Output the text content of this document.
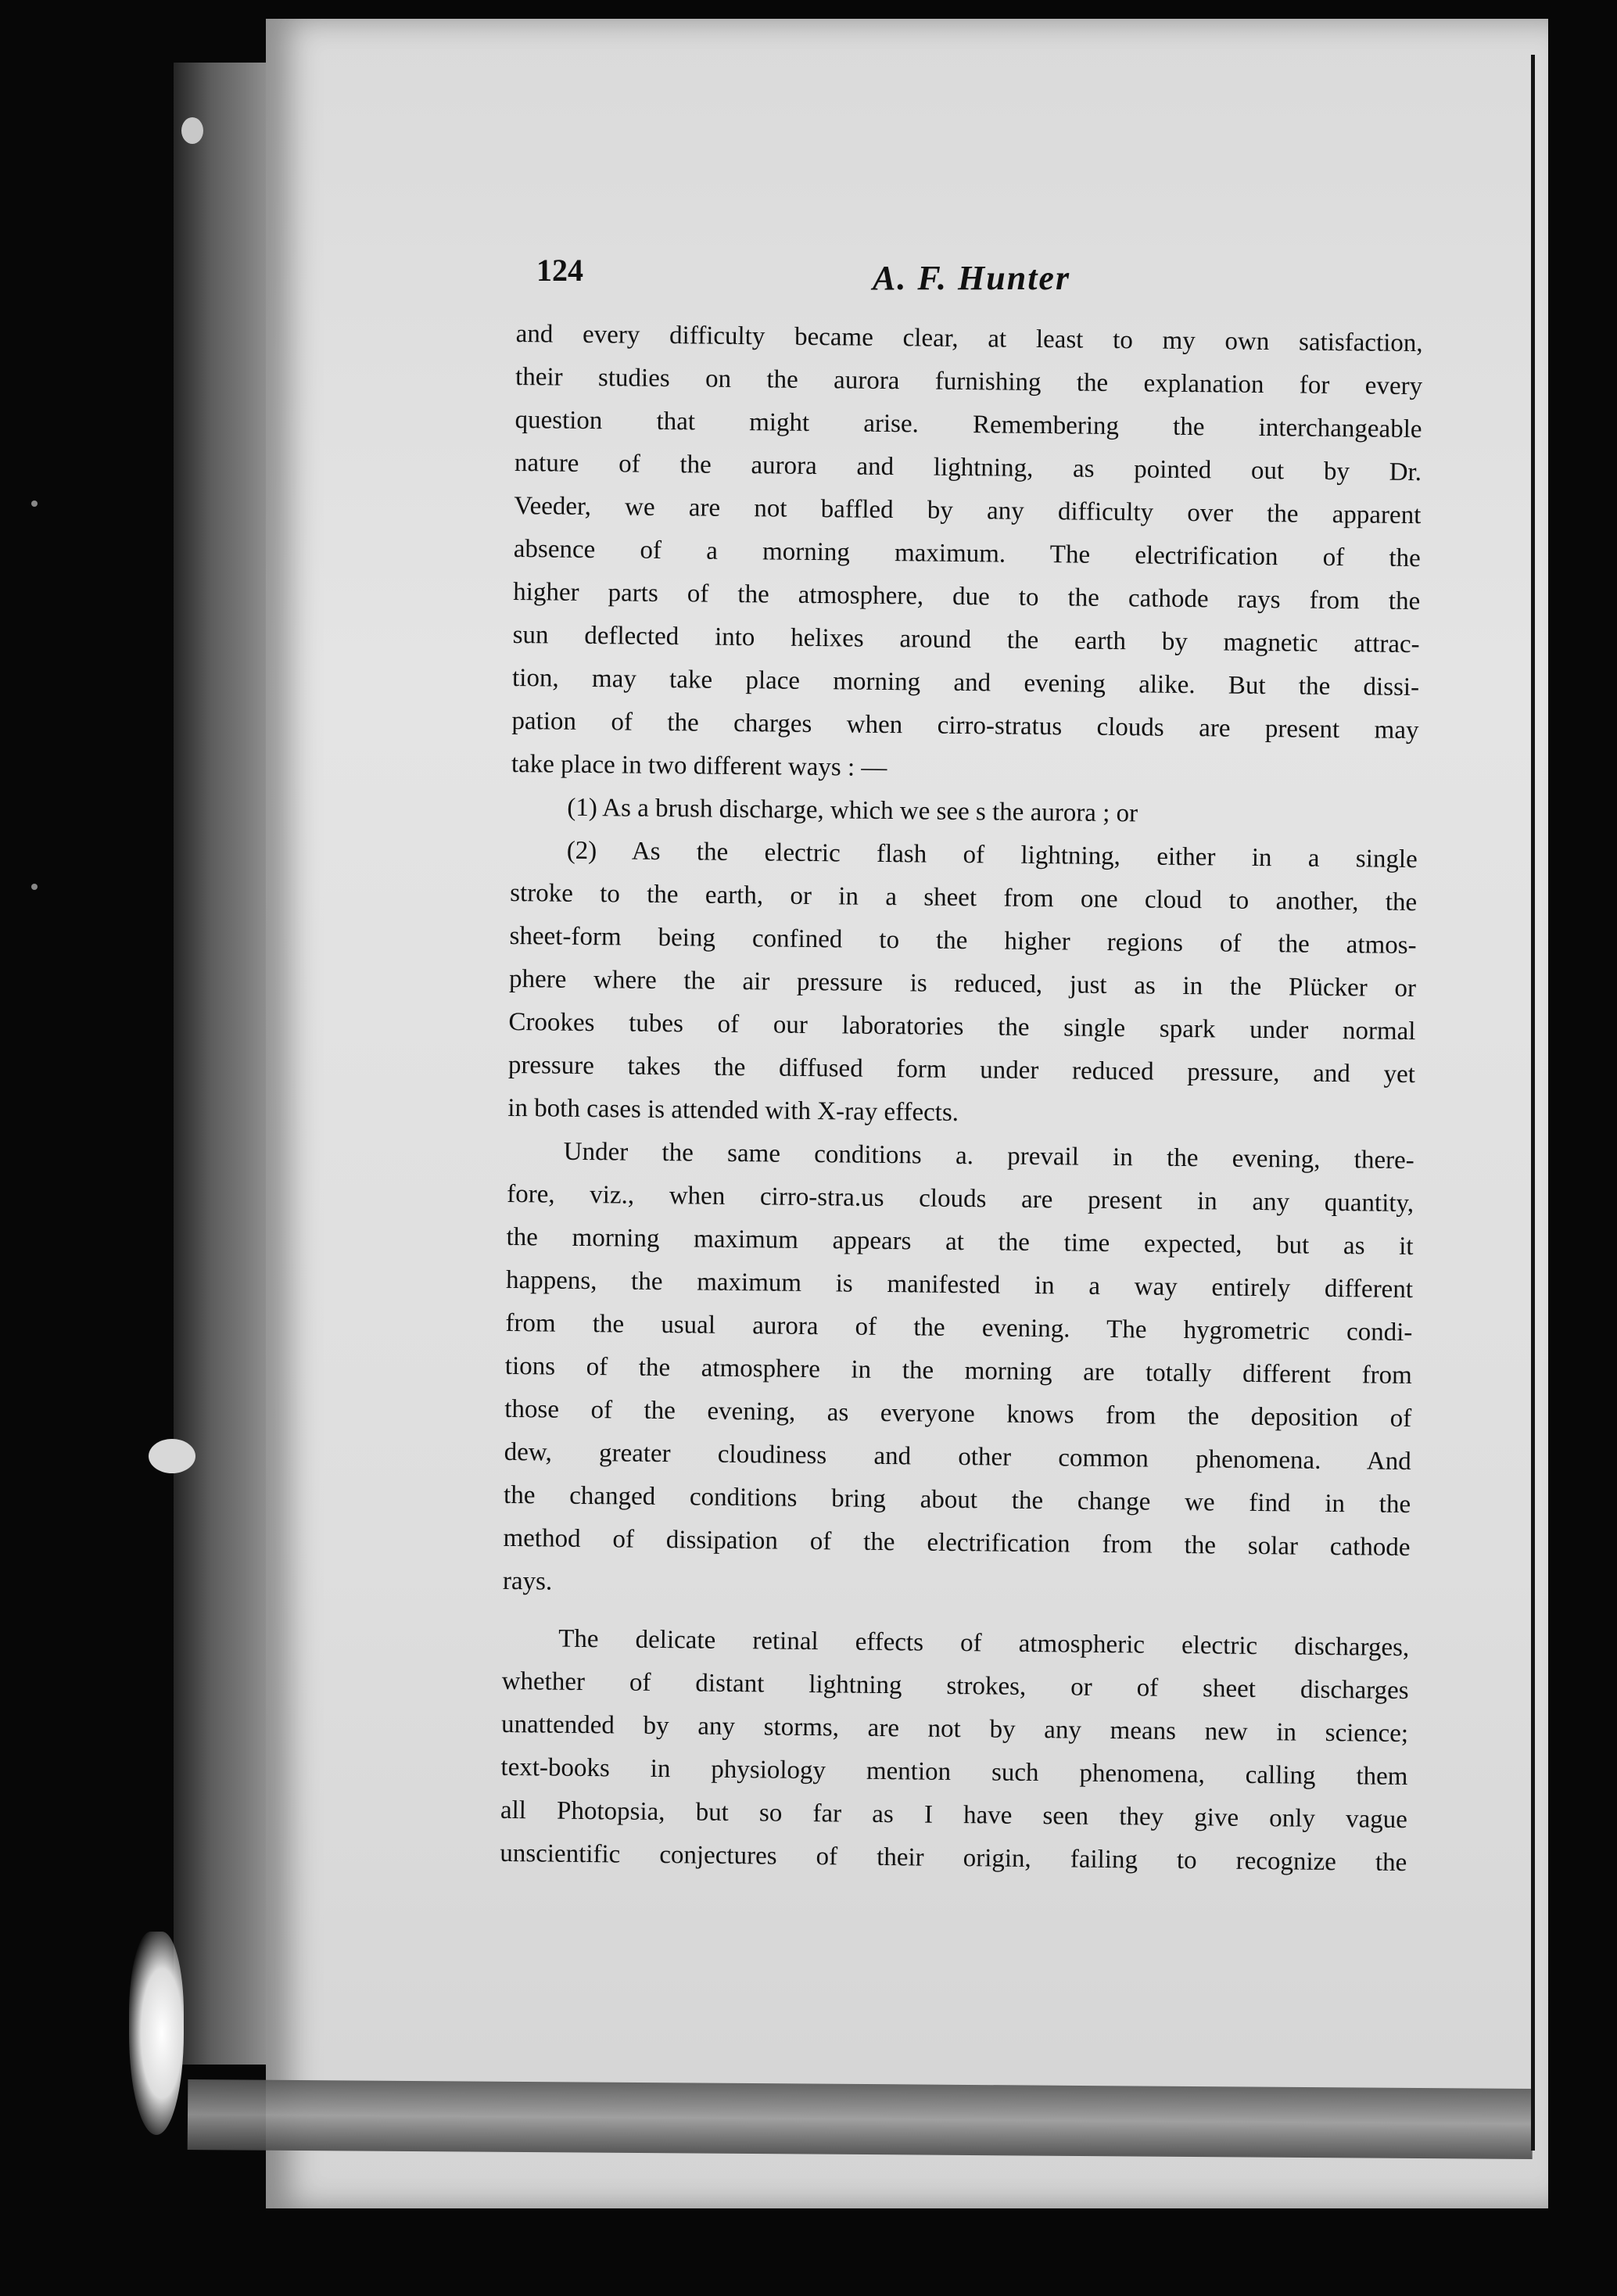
124	A. F. Hunter
and every difficulty became clear, at least to my own satisfaction,
their studies on the aurora furnishing the explanation for every
question that might arise. Remembering the interchangeable
nature of the aurora and lightning, as pointed out by Dr.
Veeder, we are not baffled by any difficulty over the apparent
absence of a morning maximum. The electrification of the
higher parts of the atmosphere, due to the cathode rays from the
sun deflected into helixes around the earth by magnetic attrac-
tion, may take place morning and evening alike. But the dissi-
pation of the charges when cirro-stratus clouds are present may
take place in two different ways : —
(1) As a brush discharge, which we see s the aurora ; or
(2) As the electric flash of lightning, either in a single
stroke to the earth, or in a sheet from one cloud to another, the
sheet-form being confined to the higher regions of the atmos-
phere where the air pressure is reduced, just as in the Plücker or
Crookes tubes of our laboratories the single spark under normal
pressure takes the diffused form under reduced pressure, and yet
in both cases is attended with X-ray effects.
Under the same conditions a. prevail in the evening, there-
fore, viz., when cirro-stra.us clouds are present in any quantity,
the morning maximum appears at the time expected, but as it
happens, the maximum is manifested in a way entirely different
from the usual aurora of the evening. The hygrometric condi-
tions of the atmosphere in the morning are totally different from
those of the evening, as everyone knows from the deposition of
dew, greater cloudiness and other common phenomena. And
the changed conditions bring about the change we find in the
method of dissipation of the electrification from the solar cathode
rays.
The delicate retinal effects of atmospheric electric discharges,
whether of distant lightning strokes, or of sheet discharges
unattended by any storms, are not by any means new in science;
text-books in physiology mention such phenomena, calling them
all Photopsia, but so far as I have seen they give only vague
unscientific conjectures of their origin, failing to recognize the
